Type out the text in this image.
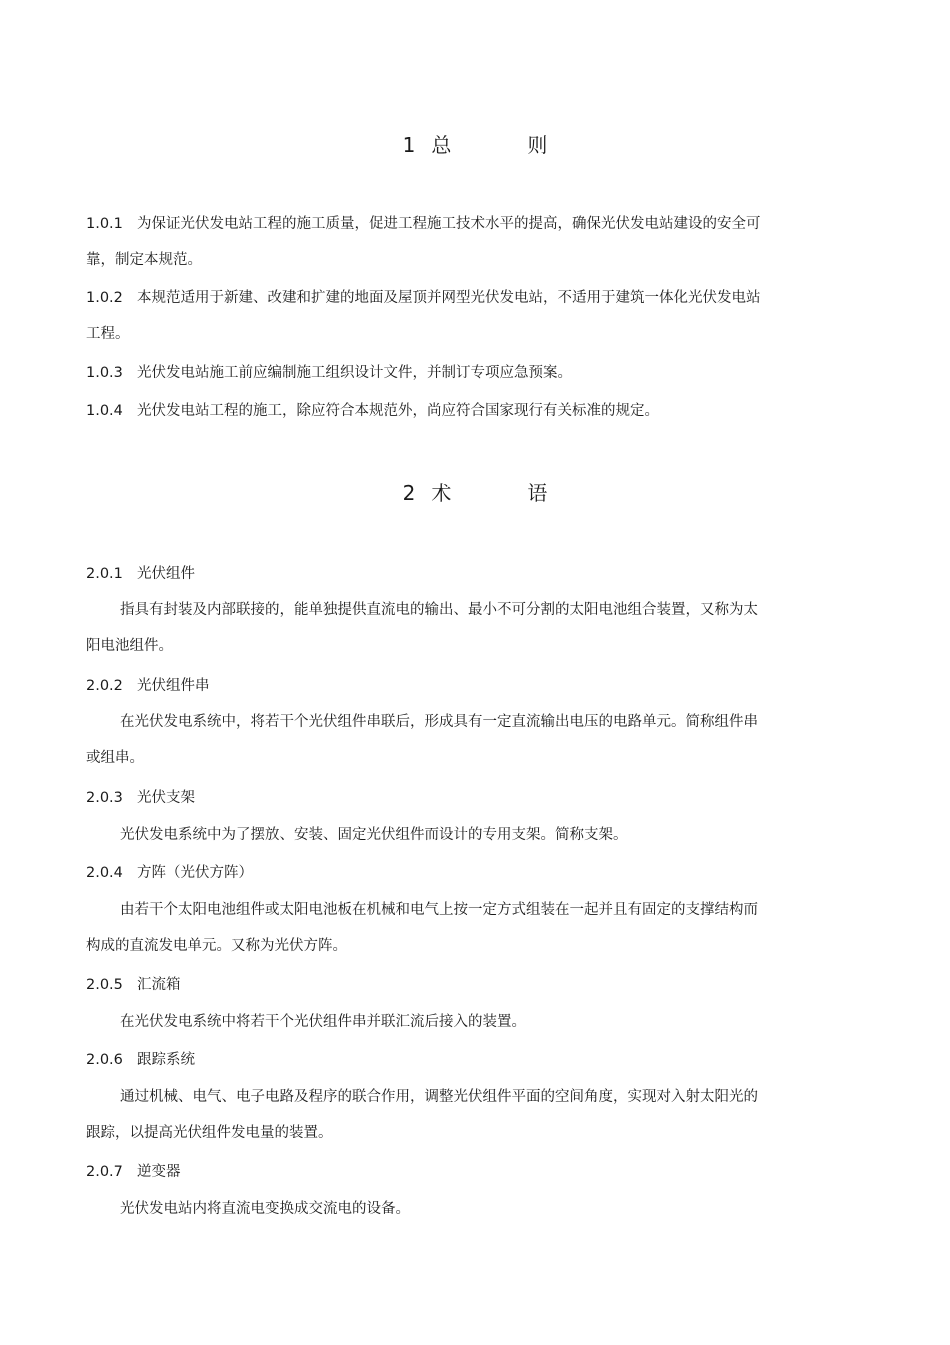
1 总	则
1.0.1 为保证光伏发电站工程的施工质量，促进工程施工技术水平的提高，确保光伏发电站建设的安全可
靠，制定本规范。
1.0.2 本规范适用于新建、改建和扩建的地面及屋顶并网型光伏发电站，不适用于建筑一体化光伏发电站
工程。
1.0.3 光伏发电站施工前应编制施工组织设计文件，并制订专项应急预案。
1.0.4 光伏发电站工程的施工，除应符合本规范外，尚应符合国家现行有关标准的规定。
2 术	语
2.0.1 光伏组件
指具有封装及内部联接的，能单独提供直流电的输出、最小不可分割的太阳电池组合装置，又称为太
阳电池组件。
2.0.2 光伏组件串
在光伏发电系统中，将若干个光伏组件串联后，形成具有一定直流输出电压的电路单元。简称组件串
或组串。
2.0.3 光伏支架
光伏发电系统中为了摆放、安装、固定光伏组件而设计的专用支架。简称支架。
2.0.4 方阵（光伏方阵）
由若干个太阳电池组件或太阳电池板在机械和电气上按一定方式组装在一起并且有固定的支撑结构而
构成的直流发电单元。又称为光伏方阵。
2.0.5 汇流箱
在光伏发电系统中将若干个光伏组件串并联汇流后接入的装置。
2.0.6 跟踪系统
通过机械、电气、电子电路及程序的联合作用，调整光伏组件平面的空间角度，实现对入射太阳光的
跟踪，以提高光伏组件发电量的装置。
2.0.7 逆变器
光伏发电站内将直流电变换成交流电的设备。
